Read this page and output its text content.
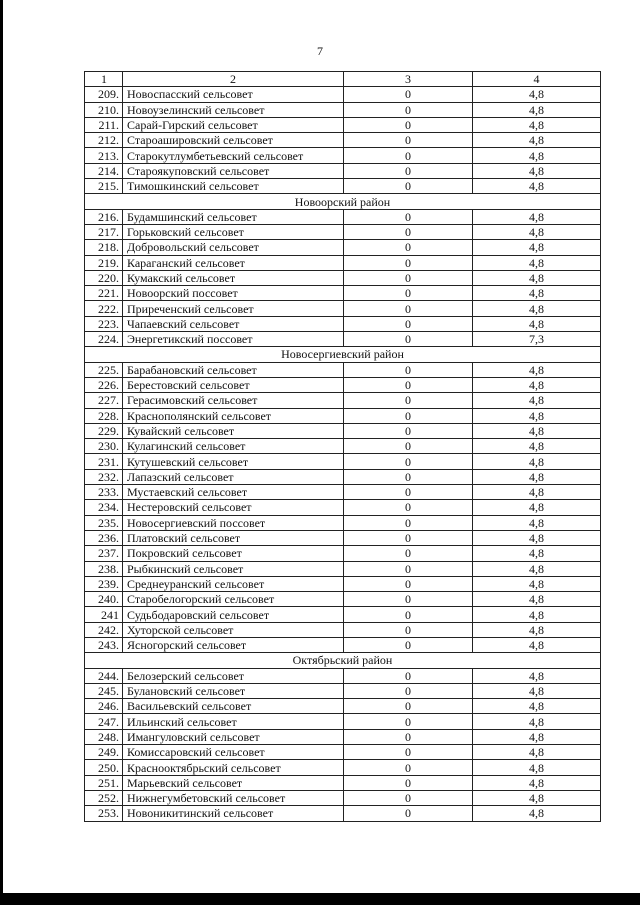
7
1	2	3	4
209.	Новоспасский сельсовет	0	4,8
210.	Новоузелинский сельсовет	0	4,8
211.	Сарай-Гирский сельсовет	0	4,8
212.	Староаширoвский сельсовет	0	4,8
213.	Старокутлумбетьевский сельсовет	0	4,8
214.	Староякуповский сельсовет	0	4,8
215.	Тимошкинский сельсовет	0	4,8
Новоорский район			
216.	Будамшинский сельсовет	0	4,8
217.	Горьковский сельсовет	0	4,8
218.	Добровольский сельсовет	0	4,8
219.	Караганский сельсовет	0	4,8
220.	Кумакский сельсовет	0	4,8
221.	Новоорский поссовет	0	4,8
222.	Приреченский сельсовет	0	4,8
223.	Чапаевский сельсовет	0	4,8
224.	Энергетикский поссовет	0	7,3
Новосергиевский район			
225.	Барабановский сельсовет	0	4,8
226.	Берестовский сельсовет	0	4,8
227.	Герасимовский сельсовет	0	4,8
228.	Краснополянский сельсовет	0	4,8
229.	Кувайский сельсовет	0	4,8
230.	Кулагинский сельсовет	0	4,8
231.	Кутушевский сельсовет	0	4,8
232.	Лапазский сельсовет	0	4,8
233.	Мустаевский сельсовет	0	4,8
234.	Нестеровский сельсовет	0	4,8
235.	Новосергиевский поссовет	0	4,8
236.	Платовский сельсовет	0	4,8
237.	Покровский сельсовет	0	4,8
238.	Рыбкинский сельсовет	0	4,8
239.	Среднеуранский сельсовет	0	4,8
240.	Старобелогорский сельсовет	0	4,8
241	Судьбодаровский сельсовет	0	4,8
242.	Хуторской сельсовет	0	4,8
243.	Ясногорский сельсовет	0	4,8
Октябрьский район			
244.	Белозерский сельсовет	0	4,8
245.	Булановский сельсовет	0	4,8
246.	Васильевский сельсовет	0	4,8
247.	Ильинский сельсовет	0	4,8
248.	Имангуловский сельсовет	0	4,8
249.	Комиссаровский сельсовет	0	4,8
250.	Краснооктябрьский сельсовет	0	4,8
251.	Марьевский сельсовет	0	4,8
252.	Нижнегумбетовский сельсовет	0	4,8
253.	Новоникитинский сельсовет	0	4,8
